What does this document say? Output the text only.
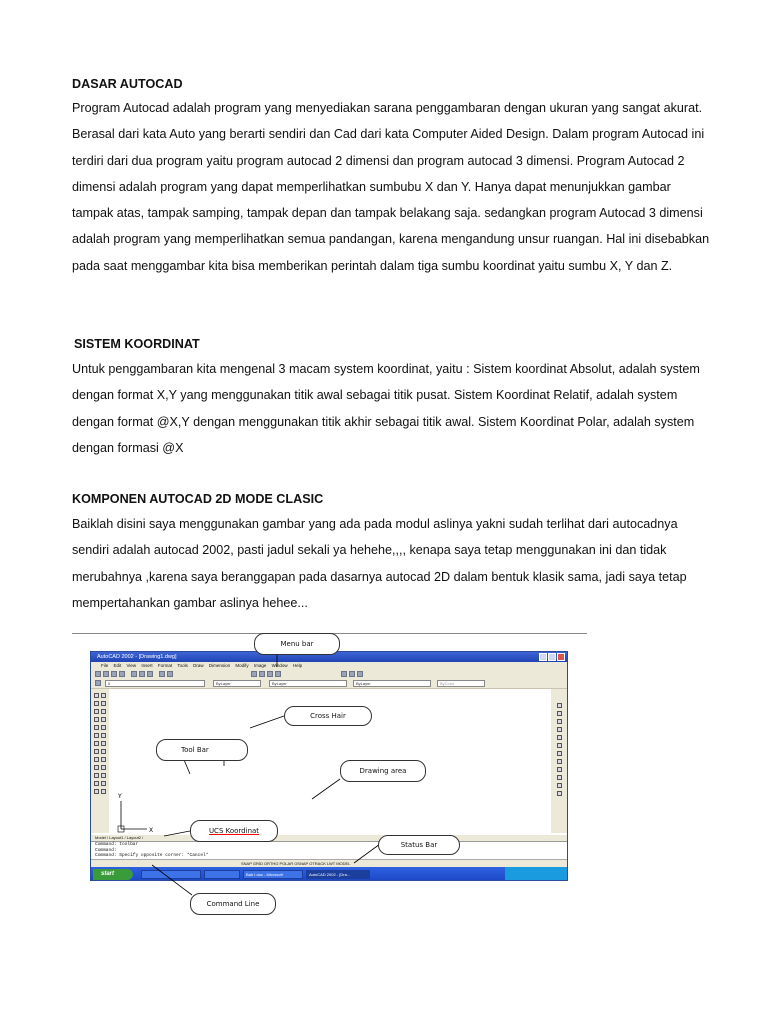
DASAR AUTOCAD

Program Autocad adalah program yang menyediakan sarana penggambaran dengan ukuran yang sangat akurat. Berasal dari kata Auto yang berarti sendiri dan Cad dari kata Computer Aided Design. Dalam program Autocad ini terdiri dari dua program yaitu program autocad 2 dimensi dan program autocad 3 dimensi. Program Autocad 2 dimensi adalah program yang dapat memperlihatkan sumbubu X dan Y. Hanya dapat menunjukkan gambar tampak atas, tampak samping, tampak depan dan tampak belakang saja. sedangkan program Autocad 3 dimensi adalah program yang memperlihatkan semua pandangan, karena mengandung unsur ruangan. Hal ini disebabkan pada saat menggambar kita bisa memberikan perintah dalam tiga sumbu koordinat yaitu sumbu X, Y dan Z.

SISTEM KOORDINAT

Untuk penggambaran kita mengenal 3 macam system koordinat, yaitu : Sistem koordinat Absolut, adalah system dengan format X,Y yang menggunakan titik awal sebagai titik pusat. Sistem Koordinat Relatif, adalah system dengan format @X,Y dengan menggunakan titik akhir sebagai titik awal. Sistem Koordinat Polar, adalah system dengan formasi @X

KOMPONEN AUTOCAD 2D MODE CLASIC

Baiklah disini saya menggunakan gambar yang ada pada modul aslinya yakni sudah terlihat dari autocadnya sendiri adalah autocad 2002, pasti jadul sekali ya hehehe,,,, kenapa saya tetap menggunakan ini dan tidak merubahnya ,karena saya beranggapan pada dasarnya autocad 2D dalam bentuk klasik sama, jadi saya tetap mempertahankan gambar aslinya hehee...

AutoCAD 2002 - [Drawing1.dwg]
File Edit View Insert Format Tools Draw Dimension Modify Image Window Help
0	ByLayer	ByLayer	ByLayer	ByColor
Y
X
Model / Layout1 / Layout2 /
Command: toolbar
Command:
Command: Specify opposite corner: *Cancel*
SNAP GRID ORTHO POLAR OSNAP OTRACK LWT MODEL
start	Bab I.doc - Microsoft	AutoCAD 2002 - [Dra...
Menu bar
Cross Hair
Tool Bar
Drawing area
UCS Koordinat
Status Bar
Command Line
